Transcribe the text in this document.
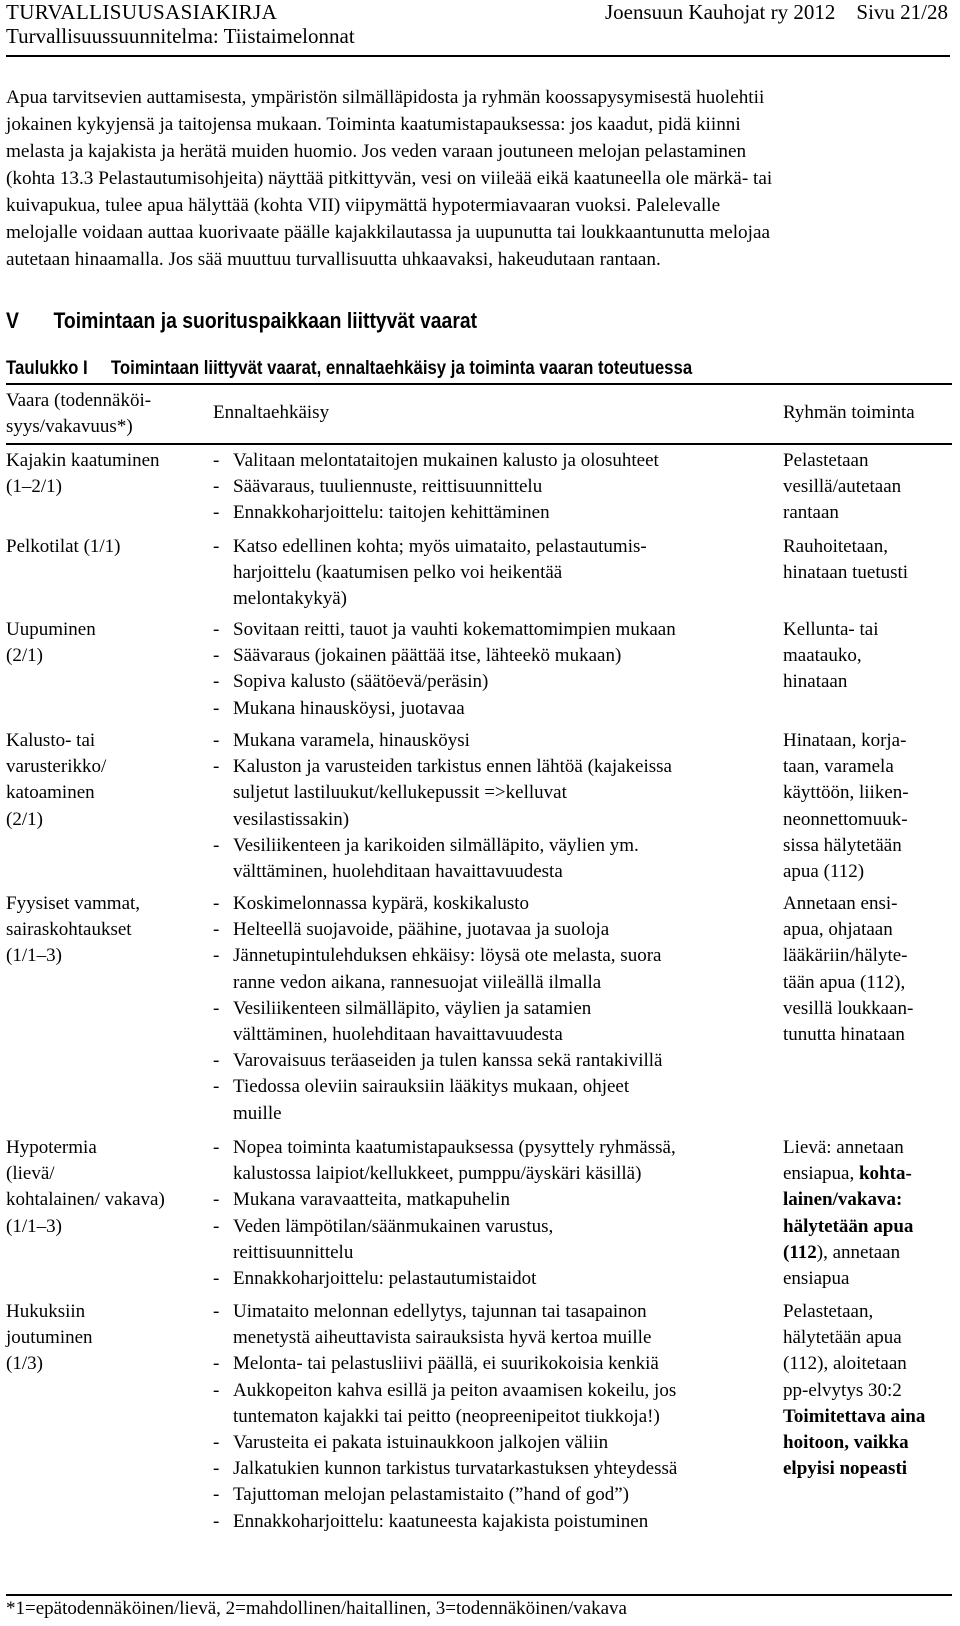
TURVALLISUUSASIAKIRJA
Turvallisuussuunnitelma: Tiistaimelonnat
Joensuun Kauhojat ry 2012 Sivu 21/28
Apua tarvitsevien auttamisesta, ympäristön silmälläpidosta ja ryhmän koossapysymisestä huolehtii
jokainen kykyjensä ja taitojensa mukaan. Toiminta kaatumistapauksessa: jos kaadut, pidä kiinni
melasta ja kajakista ja herätä muiden huomio. Jos veden varaan joutuneen melojan pelastaminen
(kohta 13.3 Pelastautumisohjeita) näyttää pitkittyvän, vesi on viileää eikä kaatuneella ole märkä- tai
kuivapukua, tulee apua hälyttää (kohta VII) viipymättä hypotermiavaaran vuoksi. Palelevalle
melojalle voidaan auttaa kuorivaate päälle kajakkilautassa ja uupunutta tai loukkaantunutta melojaa
autetaan hinaamalla. Jos sää muuttuu turvallisuutta uhkaavaksi, hakeudutaan rantaan.
V Toimintaan ja suorituspaikkaan liittyvät vaarat
Taulukko I Toimintaan liittyvät vaarat, ennaltaehkäisy ja toiminta vaaran toteutuessa
Vaara (todennäköi-
syys/vakavuus*)
Ennaltaehkäisy	Ryhmän toiminta
Kajakin kaatuminen
(1–2/1)
- Valitaan melontataitojen mukainen kalusto ja olosuhteet
- Säävaraus, tuuliennuste, reittisuunnittelu
- Ennakkoharjoittelu: taitojen kehittäminen
Pelastetaan
vesillä/autetaan
rantaan
Pelkotilat (1/1)
-	Katso edellinen kohta; myös uimataito, pelastautumis-
harjoittelu (kaatumisen pelko voi heikentää
melontakykyä)
Rauhoitetaan,
hinataan tuetusti
Uupuminen
(2/1)
- Sovitaan reitti, tauot ja vauhti kokemattomimpien mukaan
- Säävaraus (jokainen päättää itse, lähteekö mukaan)
- Sopiva kalusto (säätöevä/peräsin)
- Mukana hinausköysi, juotavaa
Kellunta- tai
maatauko,
hinataan
Kalusto- tai
varusterikko/
katoaminen
(2/1)
- Mukana varamela, hinausköysi
- Kaluston ja varusteiden tarkistus ennen lähtöä (kajakeissa
suljetut lastiluukut/kellukepussit =>kelluvat
vesilastissakin)
- Vesiliikenteen ja karikoiden silmälläpito, väylien ym.
välttäminen, huolehditaan havaittavuudesta
Hinataan, korja-
taan, varamela
käyttöön, liiken-
neonnettomuuk-
sissa hälytetään
apua (112)
Fyysiset vammat,
sairaskohtaukset
(1/1–3)
- Koskimelonnassa kypärä, koskikalusto
- Helteellä suojavoide, päähine, juotavaa ja suoloja
- Jännetupintulehduksen ehkäisy: löysä ote melasta, suora
ranne vedon aikana, rannesuojat viileällä ilmalla
- Vesiliikenteen silmälläpito, väylien ja satamien
välttäminen, huolehditaan havaittavuudesta
- Varovaisuus teräaseiden ja tulen kanssa sekä rantakivillä
- Tiedossa oleviin sairauksiin lääkitys mukaan, ohjeet
muille
Annetaan ensi-
apua, ohjataan
lääkäriin/hälyte-
tään apua (112),
vesillä loukkaan-
tunutta hinataan
Hypotermia
(lievä/
kohtalainen/ vakava)
(1/1–3)
- Nopea toiminta kaatumistapauksessa (pysyttely ryhmässä,
kalustossa laipiot/kellukkeet, pumppu/äyskäri käsillä)
- Mukana varavaatteita, matkapuhelin
- Veden lämpötilan/säänmukainen varustus,
reittisuunnittelu
- Ennakkoharjoittelu: pelastautumistaidot
Lievä: annetaan
ensiapua, kohta-
lainen/vakava:
hälytetään apua
(112), annetaan
ensiapua
Hukuksiin
joutuminen
(1/3)
- Uimataito melonnan edellytys, tajunnan tai tasapainon
menetystä aiheuttavista sairauksista hyvä kertoa muille
- Melonta- tai pelastusliivi päällä, ei suurikokoisia kenkiä
- Aukkopeiton kahva esillä ja peiton avaamisen kokeilu, jos
tuntematon kajakki tai peitto (neopreenipeitot tiukkoja!)
- Varusteita ei pakata istuinaukkoon jalkojen väliin
- Jalkatukien kunnon tarkistus turvatarkastuksen yhteydessä
- Tajuttoman melojan pelastamistaito (”hand of god”)
- Ennakkoharjoittelu: kaatuneesta kajakista poistuminen
Pelastetaan,
hälytetään apua
(112), aloitetaan
pp-elvytys 30:2
Toimitettava aina
hoitoon, vaikka
elpyisi nopeasti
*1=epätodennäköinen/lievä, 2=mahdollinen/haitallinen, 3=todennäköinen/vakava
